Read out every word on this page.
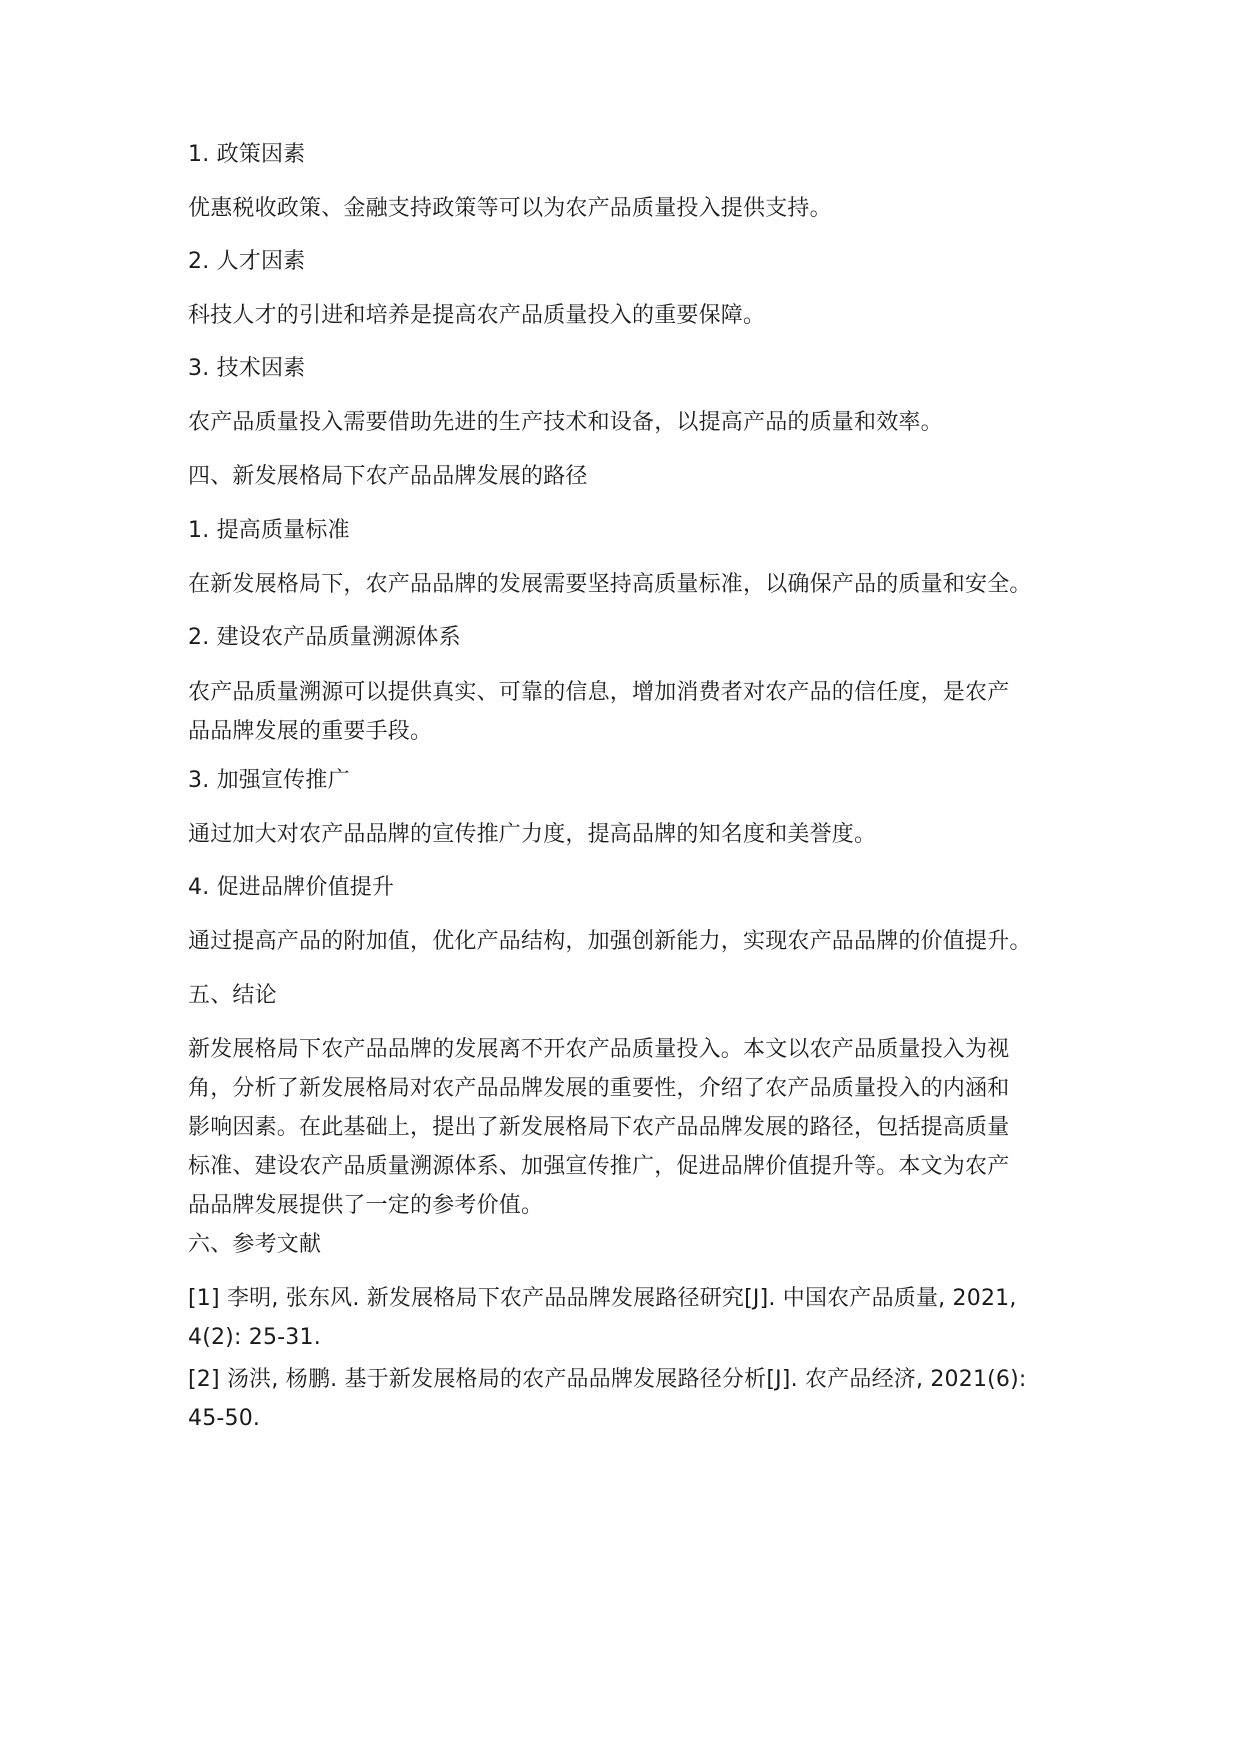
1. 政策因素
优惠税收政策、金融支持政策等可以为农产品质量投入提供支持。
2. 人才因素
科技人才的引进和培养是提高农产品质量投入的重要保障。
3. 技术因素
农产品质量投入需要借助先进的生产技术和设备，以提高产品的质量和效率。
四、新发展格局下农产品品牌发展的路径
1. 提高质量标准
在新发展格局下，农产品品牌的发展需要坚持高质量标准，以确保产品的质量和安全。
2. 建设农产品质量溯源体系
农产品质量溯源可以提供真实、可靠的信息，增加消费者对农产品的信任度，是农产
品品牌发展的重要手段。
3. 加强宣传推广
通过加大对农产品品牌的宣传推广力度，提高品牌的知名度和美誉度。
4. 促进品牌价值提升
通过提高产品的附加值，优化产品结构，加强创新能力，实现农产品品牌的价值提升。
五、结论
新发展格局下农产品品牌的发展离不开农产品质量投入。本文以农产品质量投入为视
角，分析了新发展格局对农产品品牌发展的重要性，介绍了农产品质量投入的内涵和
影响因素。在此基础上，提出了新发展格局下农产品品牌发展的路径，包括提高质量
标准、建设农产品质量溯源体系、加强宣传推广，促进品牌价值提升等。本文为农产
品品牌发展提供了一定的参考价值。
六、参考文献
[1] 李明, 张东风. 新发展格局下农产品品牌发展路径研究[J]. 中国农产品质量, 2021,
4(2): 25-31.
[2] 汤洪, 杨鹏. 基于新发展格局的农产品品牌发展路径分析[J]. 农产品经济, 2021(6):
45-50.
